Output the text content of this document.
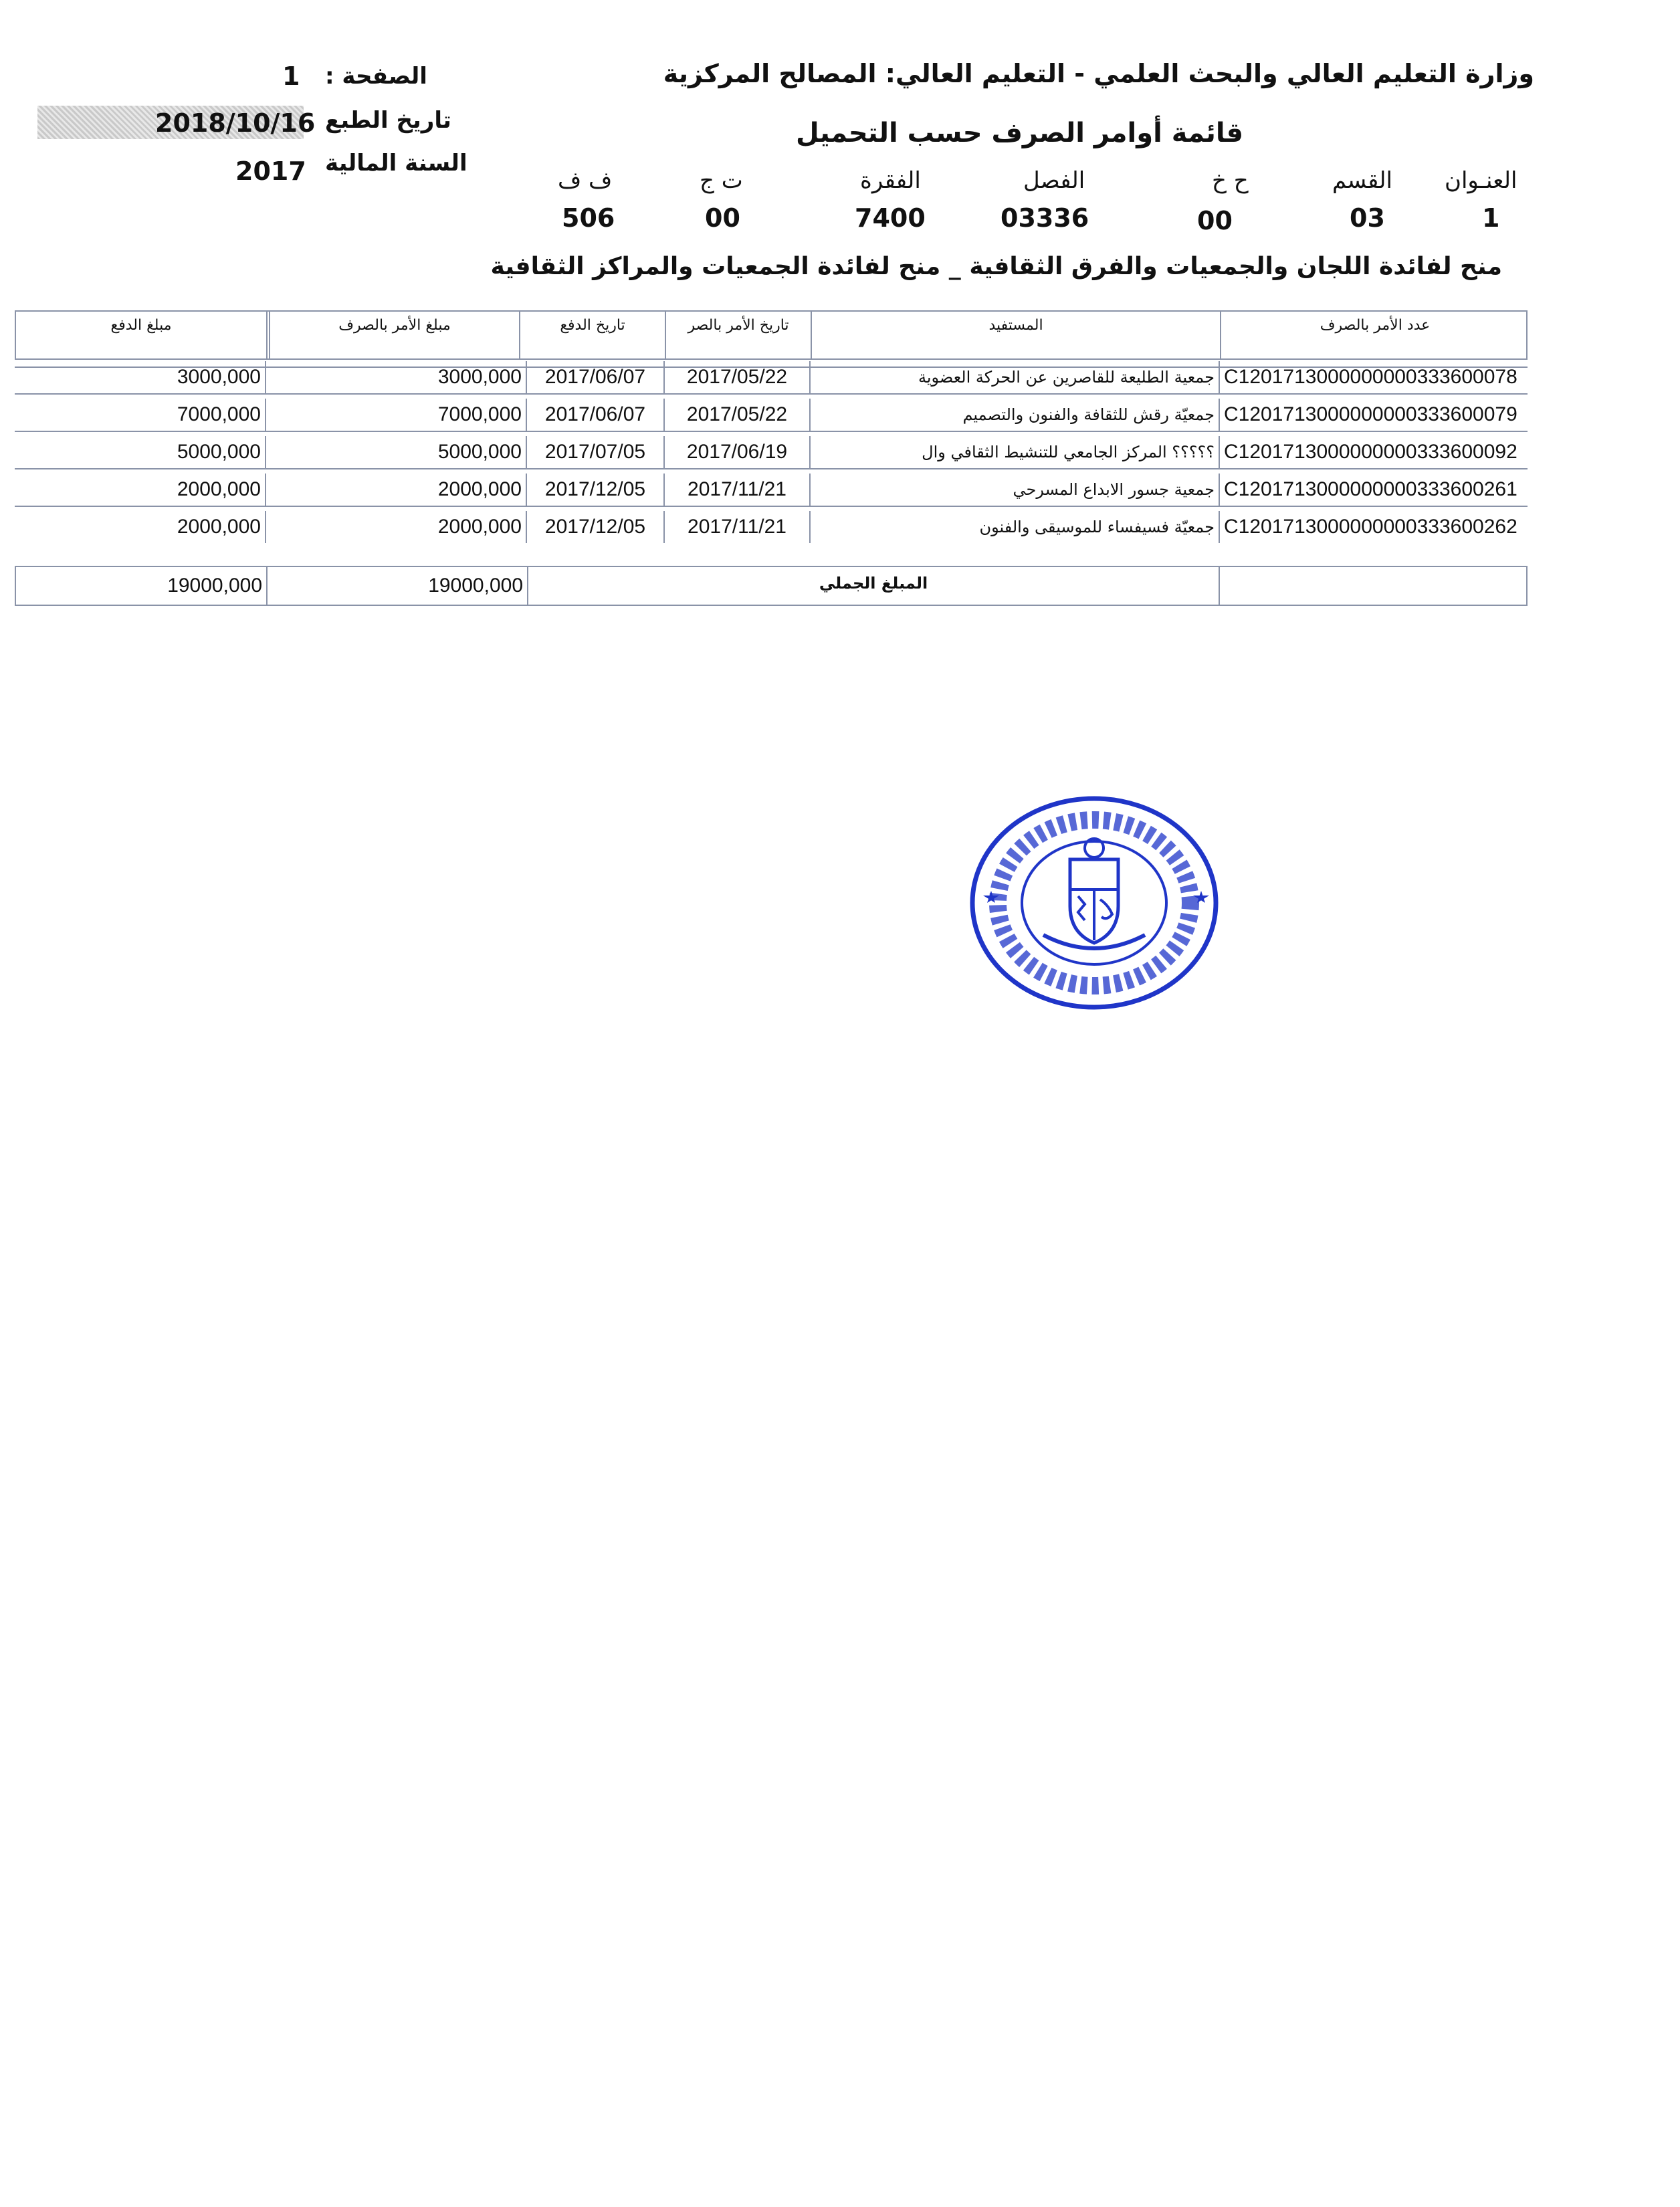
وزارة التعليم العالي والبحث العلمي - التعليم العالي: المصالح المركزية
قائمة أوامر الصرف حسب التحميل
الصفحة :
1
تاريخ الطبع
2018/10/16
السنة المالية
2017	العنـوان
1
القسم
03
ح خ
00
الفصل
03336
الفقرة
7400
ت ج
00
ف ف
506
منح لفائدة اللجان والجمعيات والفرق الثقافية _ منح لفائدة الجمعيات والمراكز الثقافية
مبلغ الدفع	مبلغ الأمر بالصرف	تاريخ الدفع	تاريخ الأمر بالصر	المستفيد	عدد الأمر بالصرف
3000,000	3000,000	2017/06/07	2017/05/22	جمعية الطليعة للقاصرين عن الحركة العضوية C1201713000000000333600078
7000,000	7000,000	2017/06/07	2017/05/22	جمعيّة رقش للثقافة والفنون والتصميم C1201713000000000333600079
5000,000	5000,000	2017/07/05	2017/06/19	؟؟؟؟؟ المركز الجامعي للتنشيط الثقافي وال C1201713000000000333600092
2000,000	2000,000	2017/12/05	2017/11/21	جمعية جسور الابداع المسرحي C1201713000000000333600261
2000,000	2000,000	2017/12/05	2017/11/21	جمعيّة فسيفساء للموسيقى والفنون C1201713000000000333600262
19000,000	19000,000	المبلغ الجملي
